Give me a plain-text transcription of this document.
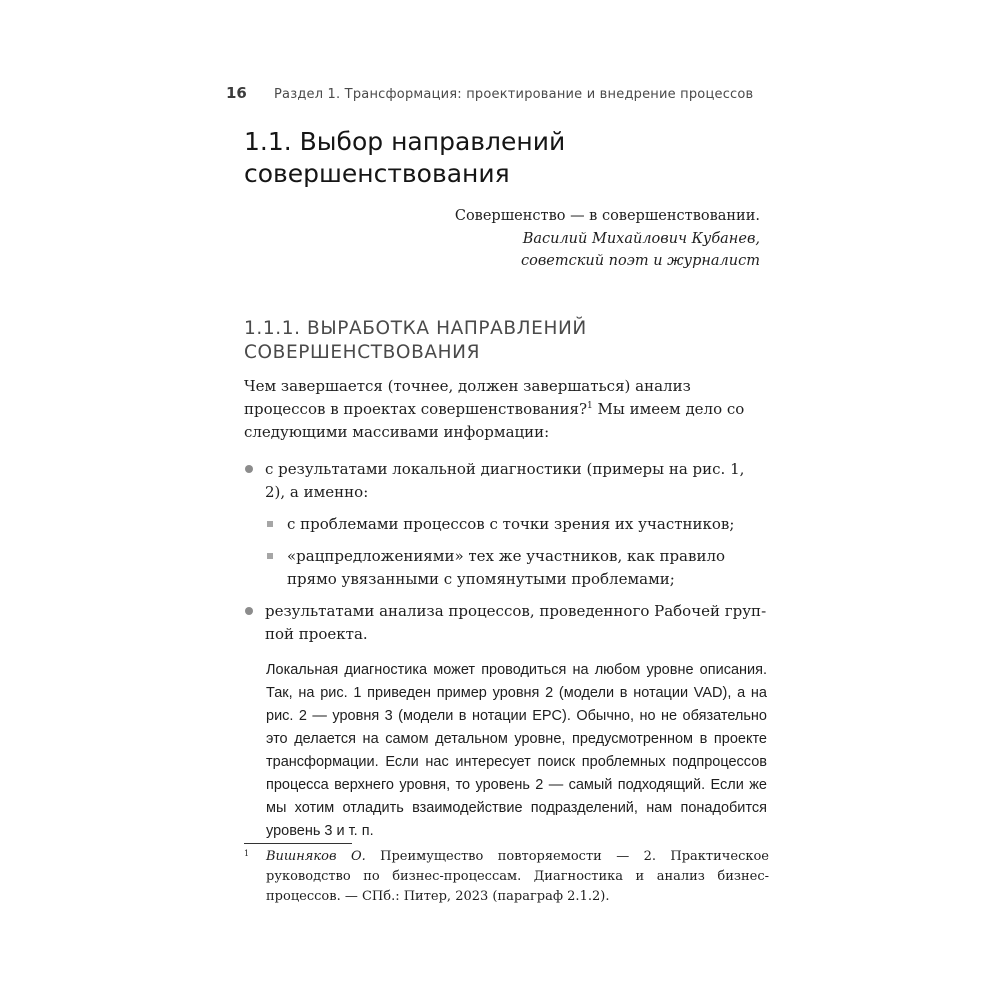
16	Раздел 1. Трансформация: проектирование и внедрение процессов
1.1. Выбор направлений
совершенствования
Совершенство — в совершенствовании.
Василий Михайлович Кубанев,
советский поэт и журналист
1.1.1. ВЫРАБОТКА НАПРАВЛЕНИЙ
СОВЕРШЕНСТВОВАНИЯ

Чем завершается (точнее, должен завершаться) анализ процессов в проектах совершенствования?$^1$ Мы имеем дело со следующими массивами информации:

с результатами локальной диагностики (примеры на рис. 1, 2), а именно:
с проблемами процессов с точки зрения их участников;
«рацпредложениями» тех же участников, как правило прямо увязанными с упомянутыми проблемами;
результатами анализа процессов, проведенного Рабочей группой проекта.

Локальная диагностика может проводиться на любом уровне описания. Так, на рис. 1 приведен пример уровня 2 (модели в нотации VAD), а на рис. 2 — уровня 3 (модели в нотации EPC). Обычно, но не обязательно это делается на самом детальном уровне, предусмотренном в проекте трансформации. Если нас интересует поиск проблемных подпроцессов процесса верхнего уровня, то уровень 2 — самый подходящий. Если же мы хотим отладить взаимодействие подразделений, нам понадобится уровень 3 и т. п.

1	Вишняков О. Преимущество повторяемости — 2. Практическое руководство по бизнес-процессам. Диагностика и анализ бизнес-процессов. — СПб.: Питер, 2023 (параграф 2.1.2).
